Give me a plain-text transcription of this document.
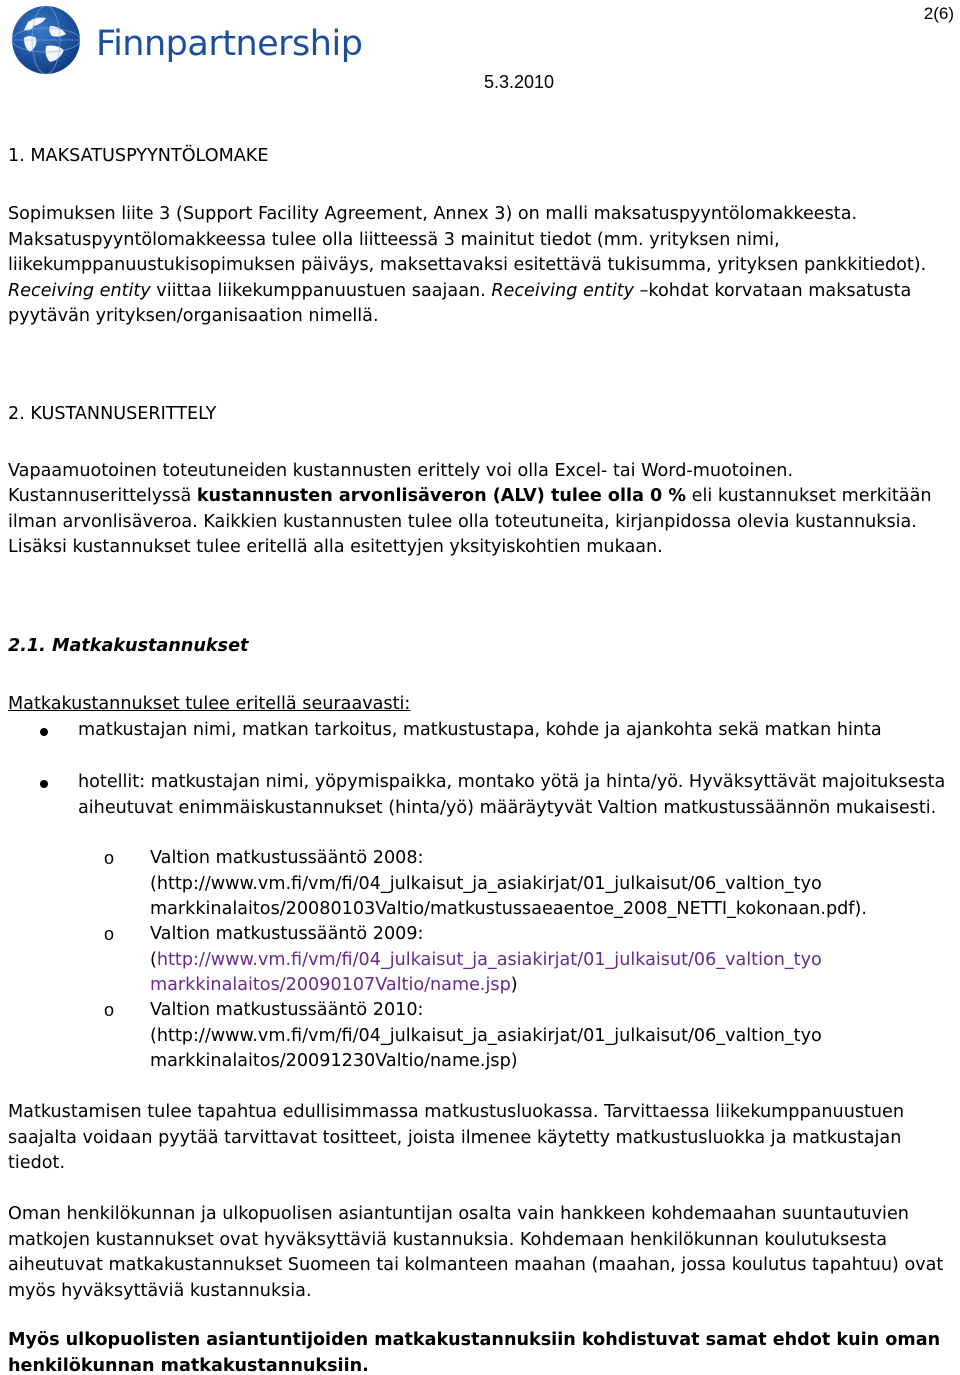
Finnpartnership
2(6)
5.3.2010
1. MAKSATUSPYYNTÖLOMAKE
Sopimuksen liite 3 (Support Facility Agreement, Annex 3) on malli maksatuspyyntölomakkeesta. Maksatuspyyntölomakkeessa tulee olla liitteessä 3 mainitut tiedot (mm. yrityksen nimi, liikekumppanuustukisopimuksen päiväys, maksettavaksi esitettävä tukisumma, yrityksen pankkitiedot). Receiving entity viittaa liikekumppanuustuen saajaan. Receiving entity –kohdat korvataan maksatusta pyytävän yrityksen/organisaation nimellä.
2. KUSTANNUSERITTELY
Vapaamuotoinen toteutuneiden kustannusten erittely voi olla Excel- tai Word-muotoinen.
Kustannuserittelyssä kustannusten arvonlisäveron (ALV) tulee olla 0 % eli kustannukset merkitään ilman arvonlisäveroa. Kaikkien kustannusten tulee olla toteutuneita, kirjanpidossa olevia kustannuksia. Lisäksi kustannukset tulee eritellä alla esitettyjen yksityiskohtien mukaan.
2.1. Matkakustannukset
Matkakustannukset tulee eritellä seuraavasti:
matkustajan nimi, matkan tarkoitus, matkustustapa, kohde ja ajankohta sekä matkan hinta
hotellit: matkustajan nimi, yöpymispaikka, montako yötä ja hinta/yö. Hyväksyttävät majoituksesta aiheutuvat enimmäiskustannukset (hinta/yö) määräytyvät Valtion matkustussäännön mukaisesti.
o Valtion matkustussääntö 2008:
(http://www.vm.fi/vm/fi/04_julkaisut_ja_asiakirjat/01_julkaisut/06_valtion_tyo
markkinalaitos/20080103Valtio/matkustussaeaentoe_2008_NETTI_kokonaan.pdf).
o Valtion matkustussääntö 2009:
(http://www.vm.fi/vm/fi/04_julkaisut_ja_asiakirjat/01_julkaisut/06_valtion_tyo
markkinalaitos/20090107Valtio/name.jsp)
o Valtion matkustussääntö 2010:
(http://www.vm.fi/vm/fi/04_julkaisut_ja_asiakirjat/01_julkaisut/06_valtion_tyo
markkinalaitos/20091230Valtio/name.jsp)
Matkustamisen tulee tapahtua edullisimmassa matkustusluokassa. Tarvittaessa liikekumppanuustuen saajalta voidaan pyytää tarvittavat tositteet, joista ilmenee käytetty matkustusluokka ja matkustajan tiedot.
Oman henkilökunnan ja ulkopuolisen asiantuntijan osalta vain hankkeen kohdemaahan suuntautuvien matkojen kustannukset ovat hyväksyttäviä kustannuksia. Kohdemaan henkilökunnan koulutuksesta aiheutuvat matkakustannukset Suomeen tai kolmanteen maahan (maahan, jossa koulutus tapahtuu) ovat myös hyväksyttäviä kustannuksia.
Myös ulkopuolisten asiantuntijoiden matkakustannuksiin kohdistuvat samat ehdot kuin oman henkilökunnan matkakustannuksiin.
